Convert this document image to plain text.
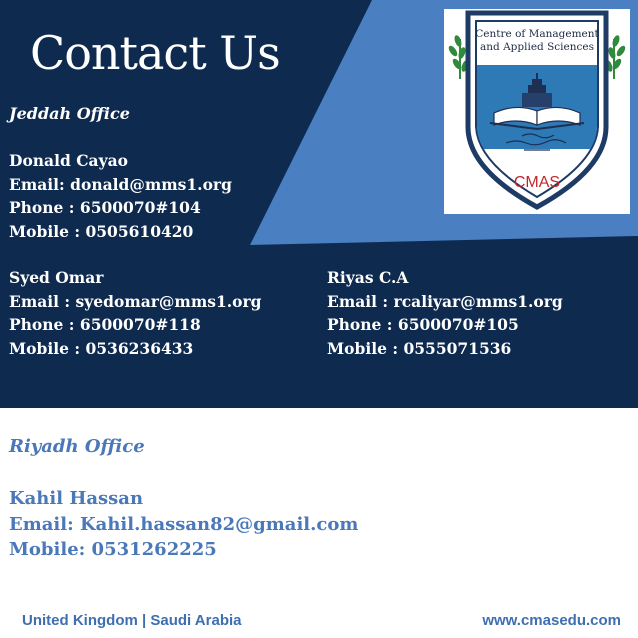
Contact Us
Jeddah Office
Donald Cayao
Email: donald@mms1.org
Phone : 6500070#104
Mobile : 0505610420
Syed Omar
Email : syedomar@mms1.org
Phone : 6500070#118
Mobile : 0536236433
Riyas C.A
Email : rcaliyar@mms1.org
Phone : 6500070#105
Mobile : 0555071536
Centre of Management
and Applied Sciences
CMAS
Riyadh Office
Kahil Hassan
Email: Kahil.hassan82@gmail.com
Mobile: 0531262225
United Kingdom | Saudi Arabia	www.cmasedu.com
